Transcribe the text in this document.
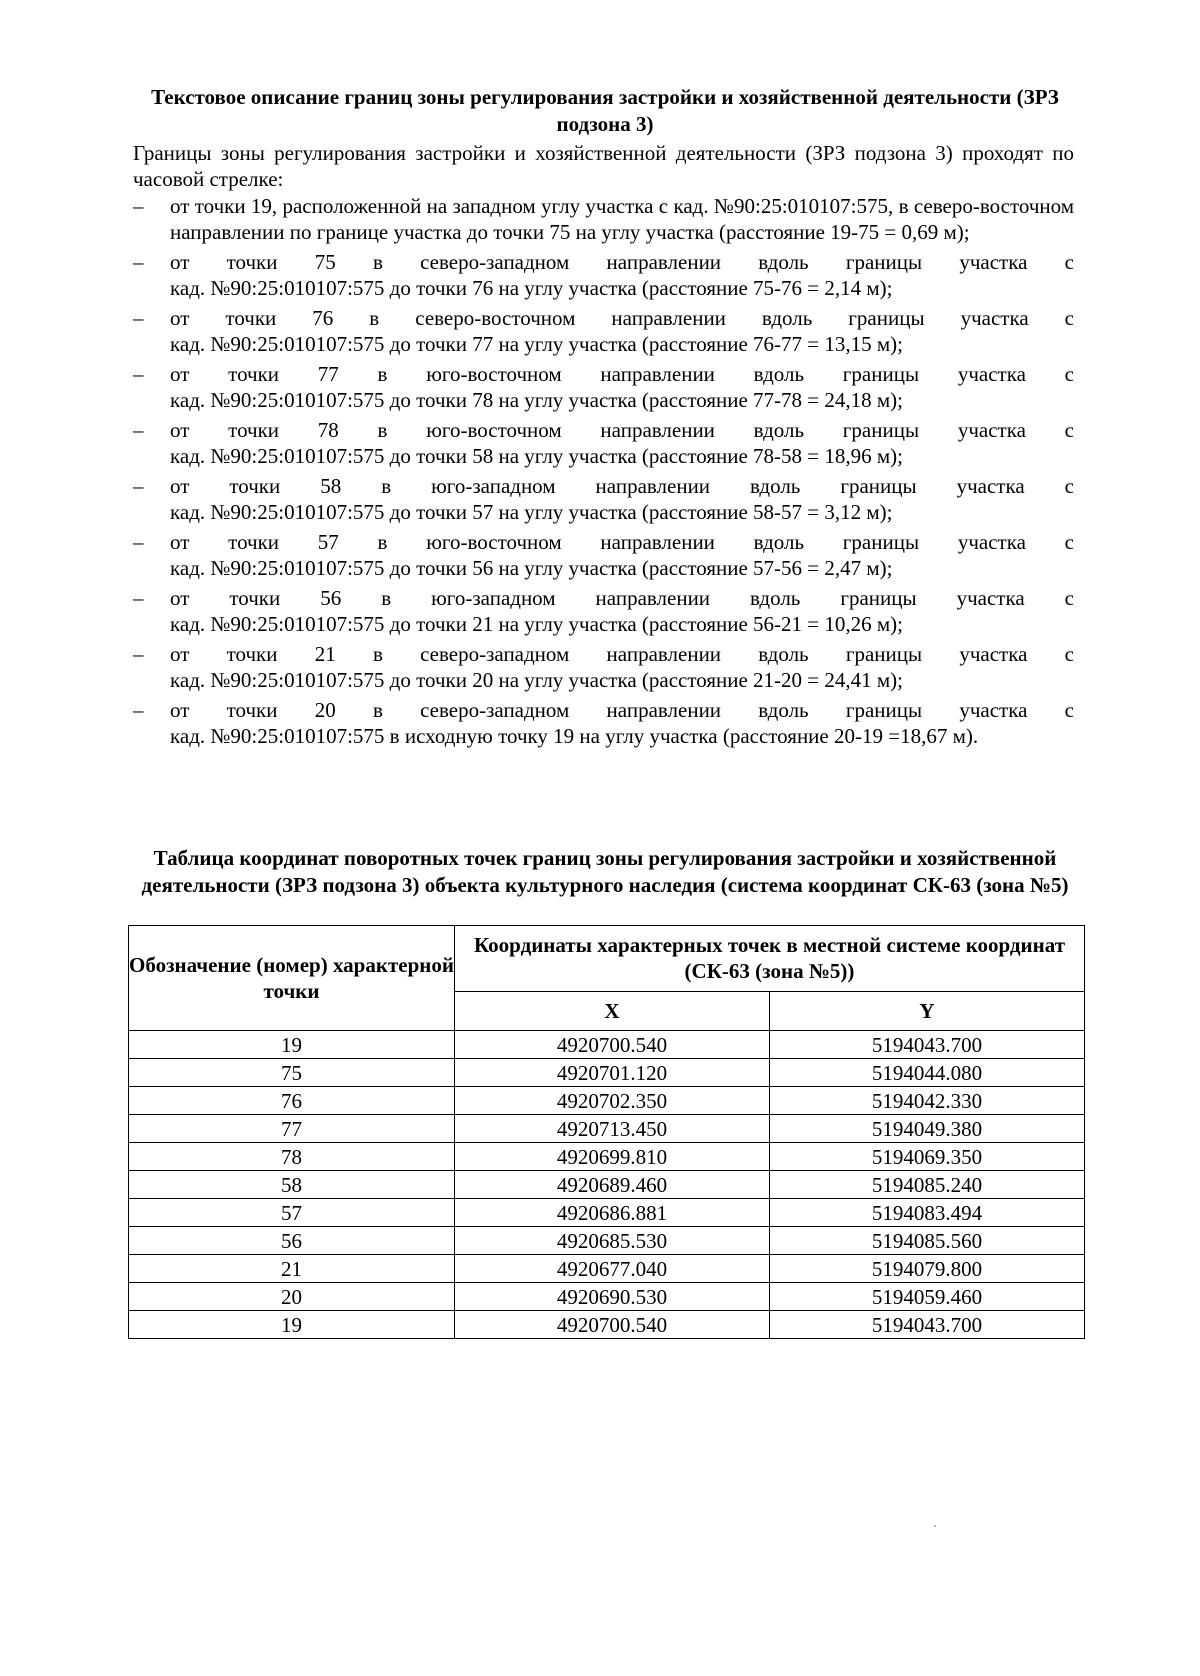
Текстовое описание границ зоны регулирования застройки и хозяйственной деятельности (ЗРЗ подзона 3)
Границы зоны регулирования застройки и хозяйственной деятельности (ЗРЗ подзона 3) проходят по часовой стрелке:
–	от точки 19, расположенной на западном углу участка с кад. №90:25:010107:575, в северо-восточном направлении по границе участка до точки 75 на углу участка (расстояние 19-75 = 0,69 м);
–	от точки 75 в северо-западном направлении вдоль границы участка с
кад. №90:25:010107:575 до точки 76 на углу участка (расстояние 75-76 = 2,14 м);
–	от точки 76 в северо-восточном направлении вдоль границы участка с
кад. №90:25:010107:575 до точки 77 на углу участка (расстояние 76-77 = 13,15 м);
–	от точки 77 в юго-восточном направлении вдоль границы участка с
кад. №90:25:010107:575 до точки 78 на углу участка (расстояние 77-78 = 24,18 м);
–	от точки 78 в юго-восточном направлении вдоль границы участка с
кад. №90:25:010107:575 до точки 58 на углу участка (расстояние 78-58 = 18,96 м);
–	от точки 58 в юго-западном направлении вдоль границы участка с
кад. №90:25:010107:575 до точки 57 на углу участка (расстояние 58-57 = 3,12 м);
–	от точки 57 в юго-восточном направлении вдоль границы участка с
кад. №90:25:010107:575 до точки 56 на углу участка (расстояние 57-56 = 2,47 м);
–	от точки 56 в юго-западном направлении вдоль границы участка с
кад. №90:25:010107:575 до точки 21 на углу участка (расстояние 56-21 = 10,26 м);
–	от точки 21 в северо-западном направлении вдоль границы участка с
кад. №90:25:010107:575 до точки 20 на углу участка (расстояние 21-20 = 24,41 м);
–	от точки 20 в северо-западном направлении вдоль границы участка с
кад. №90:25:010107:575 в исходную точку 19 на углу участка (расстояние 20-19 =18,67 м).
Таблица координат поворотных точек границ зоны регулирования застройки и хозяйственной деятельности (ЗРЗ подзона 3) объекта культурного наследия (система координат СК-63 (зона №5)
Обозначение (номер) характерной точки	Координаты характерных точек в местной системе координат (СК-63 (зона №5))	
	X	Y
19	4920700.540	5194043.700
75	4920701.120	5194044.080
76	4920702.350	5194042.330
77	4920713.450	5194049.380
78	4920699.810	5194069.350
58	4920689.460	5194085.240
57	4920686.881	5194083.494
56	4920685.530	5194085.560
21	4920677.040	5194079.800
20	4920690.530	5194059.460
19	4920700.540	5194043.700
